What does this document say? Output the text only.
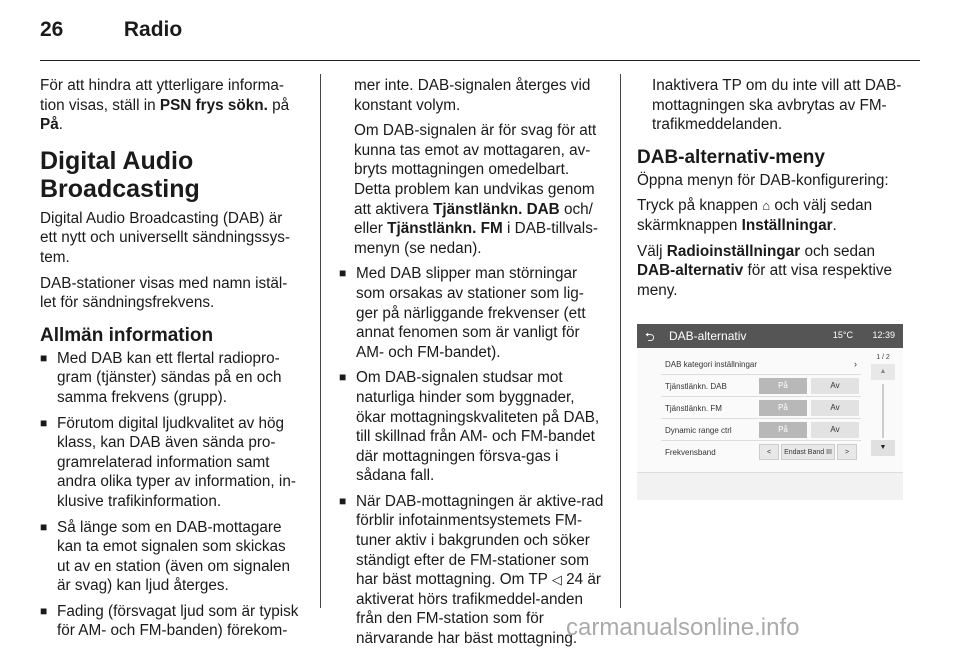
26	Radio

För att hindra att ytterligare informa-tion visas, ställ in PSN frys sökn. på På.

Digital Audio Broadcasting

Digital Audio Broadcasting (DAB) är ett nytt och universellt sändningssys-tem.

DAB-stationer visas med namn istäl-let för sändningsfrekvens.

Allmän information
■ Med DAB kan ett flertal radiopro-gram (tjänster) sändas på en och samma frekvens (grupp).
■ Förutom digital ljudkvalitet av hög klass, kan DAB även sända pro-gramrelaterad information samt andra olika typer av information, in-klusive trafikinformation.
■ Så länge som en DAB-mottagare kan ta emot signalen som skickas ut av en station (även om signalen är svag) kan ljud återges.
■ Fading (försvagat ljud som är typisk för AM- och FM-banden) förekom-

mer inte. DAB-signalen återges vid konstant volym.

Om DAB-signalen är för svag för att kunna tas emot av mottagaren, av-bryts mottagningen omedelbart. Detta problem kan undvikas genom att aktivera Tjänstlänkn. DAB och/ eller Tjänstlänkn. FM i DAB-tillvals-menyn (se nedan).

■ Med DAB slipper man störningar som orsakas av stationer som lig-ger på närliggande frekvenser (ett annat fenomen som är vanligt för AM- och FM-bandet).
■ Om DAB-signalen studsar mot naturliga hinder som byggnader, ökar mottagningskvaliteten på DAB, till skillnad från AM- och FM-bandet där mottagningen försva-gas i sådana fall.
■ När DAB-mottagningen är aktive-rad förblir infotainmentsystemets FM-tuner aktiv i bakgrunden och söker ständigt efter de FM-stationer som har bäst mottagning. Om TP ◁ 24 är aktiverat hörs trafikmeddel-anden från den FM-station som för närvarande har bäst mottagning.

Inaktivera TP om du inte vill att DAB-mottagningen ska avbrytas av FM-trafikmeddelanden.

DAB-alternativ-meny

Öppna menyn för DAB-konfigurering:

Tryck på knappen ⌂ och välj sedan skärmknappen Inställningar.

Välj Radioinställningar och sedan DAB-alternativ för att visa respektive meny.

⮌ DAB-alternativ	15°C 12:39
DAB kategori inställningar	›
Tjänstlänkn. DAB	På	Av
Tjänstlänkn. FM	På	Av
Dynamic range ctrl	På	Av
Frekvensband	<	Endast Band III	>
1 / 2
▲
▼
carmanualsonline.info
